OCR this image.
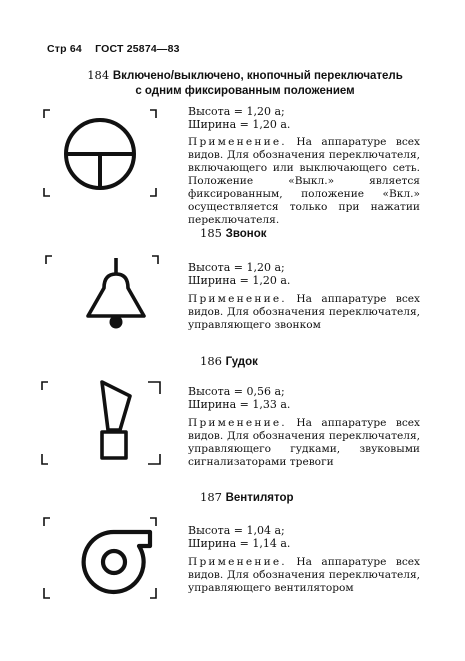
Стр 64 ГОСТ 25874—83
184 Включено/выключено, кнопочный переключатель
с одним фиксированным положением
Высота = 1,20 а;
Ширина = 1,20 а.
Применение. На аппаратуре всех видов. Для обозначения переключателя, включающего или выключающего сеть. Положение «Выкл.» является фиксированным, положение «Вкл.» осуществляется только при нажатии переключателя.
185 Звонок
Высота = 1,20 а;
Ширина = 1,20 а.
Применение. На аппаратуре всех видов. Для обозначения переключателя, управляющего звонком
186 Гудок
Высота = 0,56 а;
Ширина = 1,33 а.
Применение. На аппаратуре всех видов. Для обозначения переключателя, управляющего гудками, звуковыми сигнализаторами тревоги
187 Вентилятор
Высота = 1,04 а;
Ширина = 1,14 а.
Применение. На аппаратуре всех видов. Для обозначения переключателя, управляющего вентилятором
